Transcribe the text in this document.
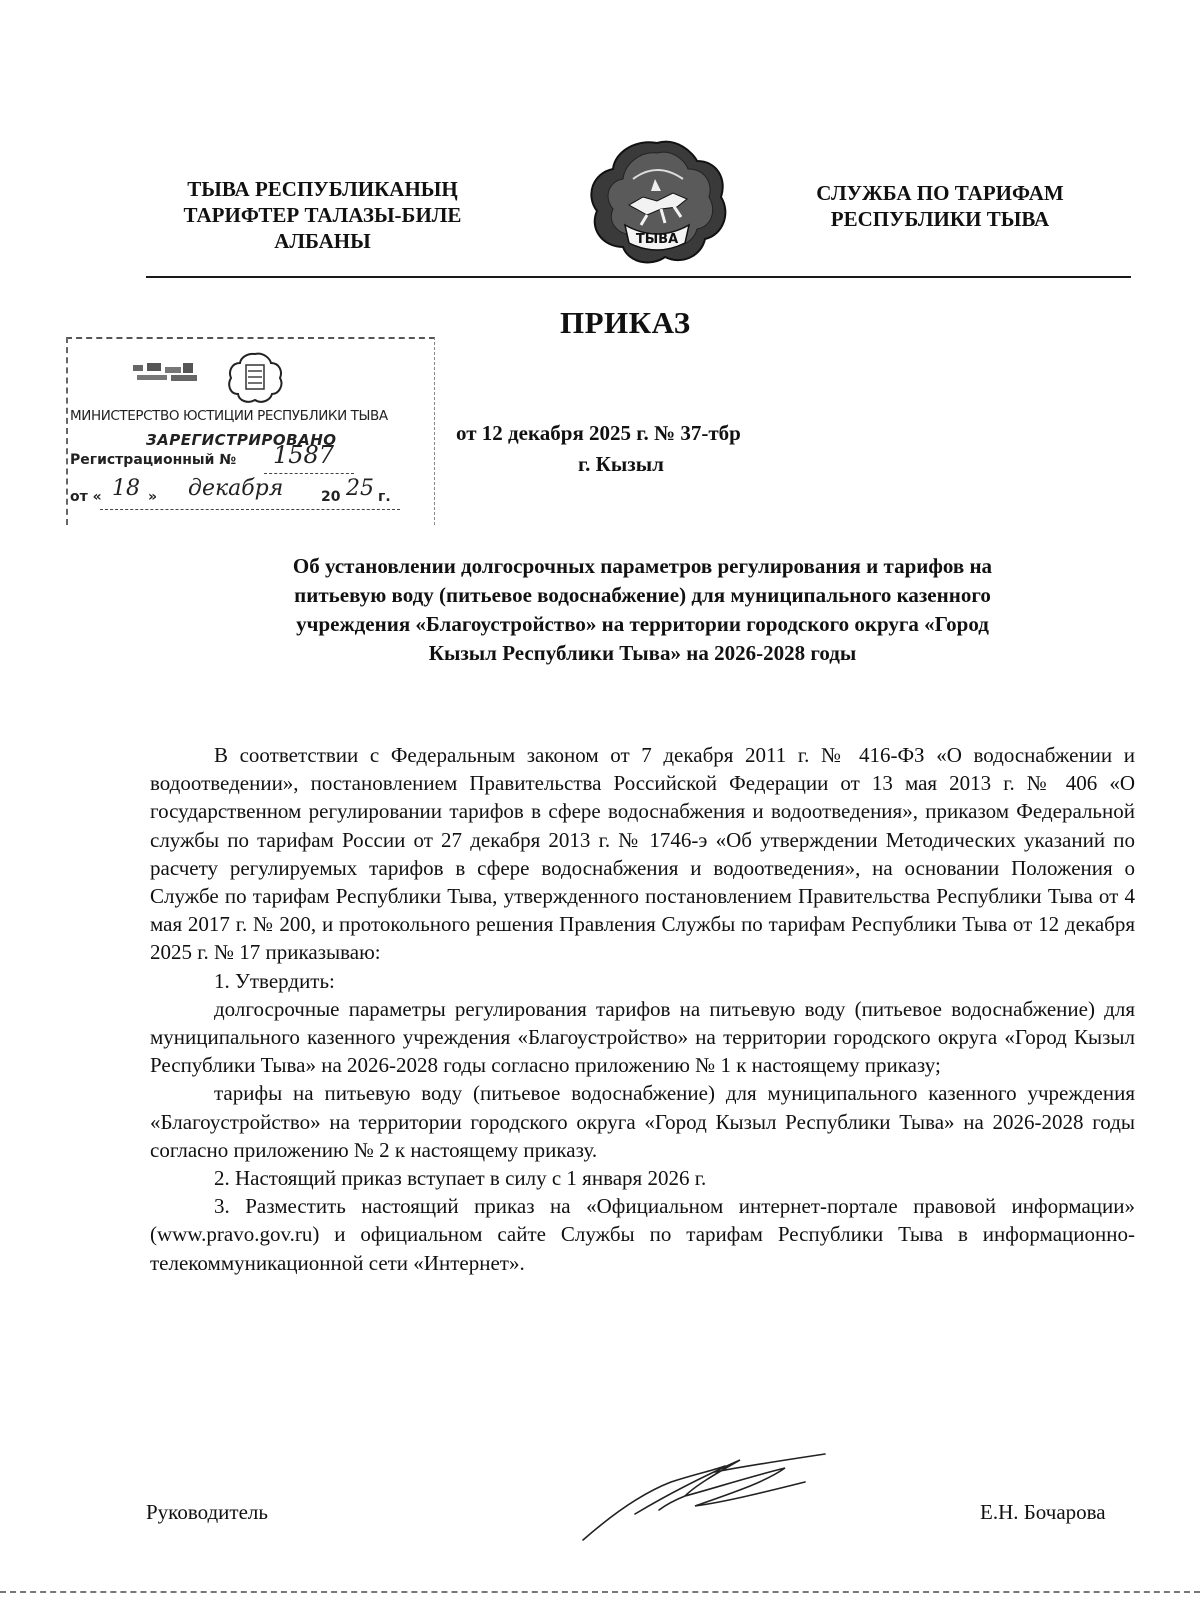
ТЫВА РЕСПУБЛИКАНЫҢ
ТАРИФТЕР ТАЛАЗЫ-БИЛЕ
АЛБАНЫ	ТЫВА
СЛУЖБА ПО ТАРИФАМ
РЕСПУБЛИКИ ТЫВА
ПРИКАЗ
МИНИСТЕРСТВО ЮСТИЦИИ РЕСПУБЛИКИ ТЫВА
ЗАРЕГИСТРИРОВАНО
Регистрационный № 1587
от « 18 » декабря	20 25 г.
от 12 декабря 2025 г. № 37-тбр
г. Кызыл
Об установлении долгосрочных параметров регулирования и тарифов на
питьевую воду (питьевое водоснабжение) для муниципального казенного
учреждения «Благоустройство» на территории городского округа «Город
Кызыл Республики Тыва» на 2026-2028 годы

В соответствии с Федеральным законом от 7 декабря 2011 г. № 416-ФЗ «О водоснабжении и водоотведении», постановлением Правительства Российской Федерации от 13 мая 2013 г. № 406 «О государственном регулировании тарифов в сфере водоснабжения и водоотведения», приказом Федеральной службы по тарифам России от 27 декабря 2013 г. № 1746-э «Об утверждении Методических указаний по расчету регулируемых тарифов в сфере водоснабжения и водоотведения», на основании Положения о Службе по тарифам Республики Тыва, утвержденного постановлением Правительства Республики Тыва от 4 мая 2017 г. № 200, и протокольного решения Правления Службы по тарифам Республики Тыва от 12 декабря 2025 г. № 17 приказываю:

1. Утвердить:

долгосрочные параметры регулирования тарифов на питьевую воду (питьевое водоснабжение) для муниципального казенного учреждения «Благоустройство» на территории городского округа «Город Кызыл Республики Тыва» на 2026-2028 годы согласно приложению № 1 к настоящему приказу;

тарифы на питьевую воду (питьевое водоснабжение) для муниципального казенного учреждения «Благоустройство» на территории городского округа «Город Кызыл Республики Тыва» на 2026-2028 годы согласно приложению № 2 к настоящему приказу.

2. Настоящий приказ вступает в силу с 1 января 2026 г.

3. Разместить настоящий приказ на «Официальном интернет-портале правовой информации» (www.pravo.gov.ru) и официальном сайте Службы по тарифам Республики Тыва в информационно-телекоммуникационной сети «Интернет».

Руководитель	Е.Н. Бочарова
